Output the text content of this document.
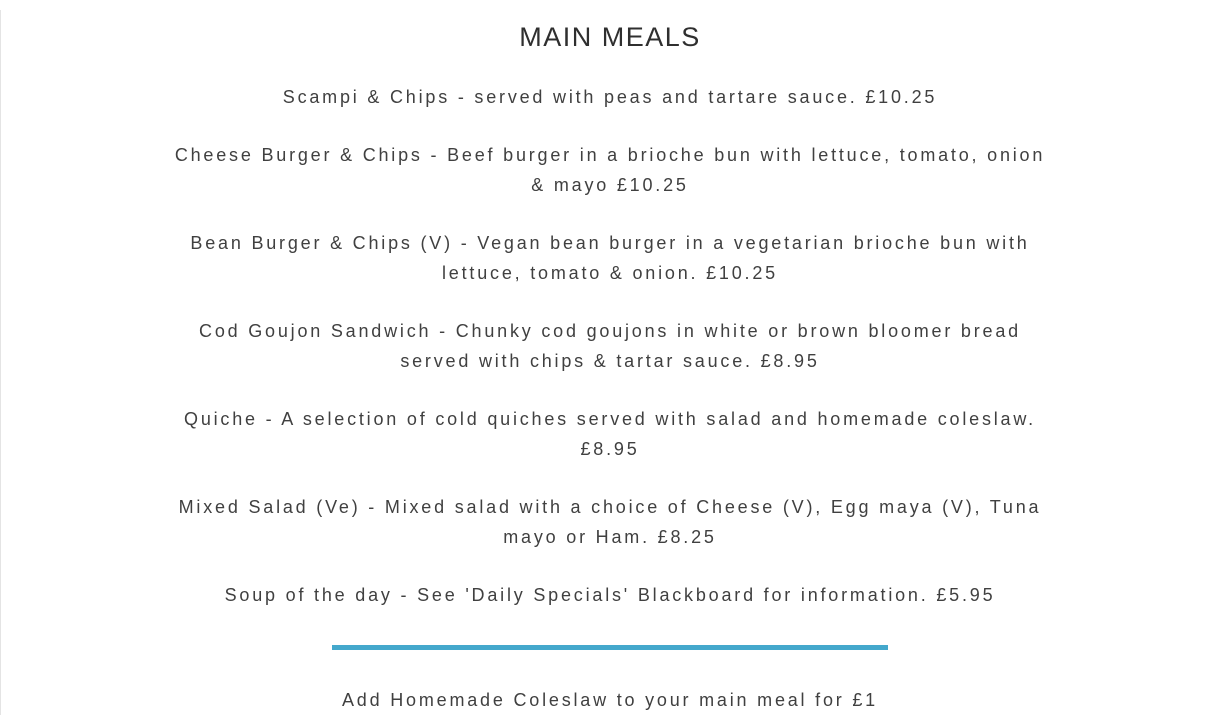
MAIN MEALS

Scampi & Chips - served with peas and tartare sauce. £10.25

Cheese Burger & Chips - Beef burger in a brioche bun with lettuce, tomato, onion
& mayo £10.25

Bean Burger & Chips (V) - Vegan bean burger in a vegetarian brioche bun with
lettuce, tomato & onion. £10.25

Cod Goujon Sandwich - Chunky cod goujons in white or brown bloomer bread
served with chips & tartar sauce. £8.95

Quiche - A selection of cold quiches served with salad and homemade coleslaw.
£8.95

Mixed Salad (Ve) - Mixed salad with a choice of Cheese (V), Egg maya (V), Tuna
mayo or Ham. £8.25

Soup of the day - See 'Daily Specials' Blackboard for information. £5.95

Add Homemade Coleslaw to your main meal for £1
